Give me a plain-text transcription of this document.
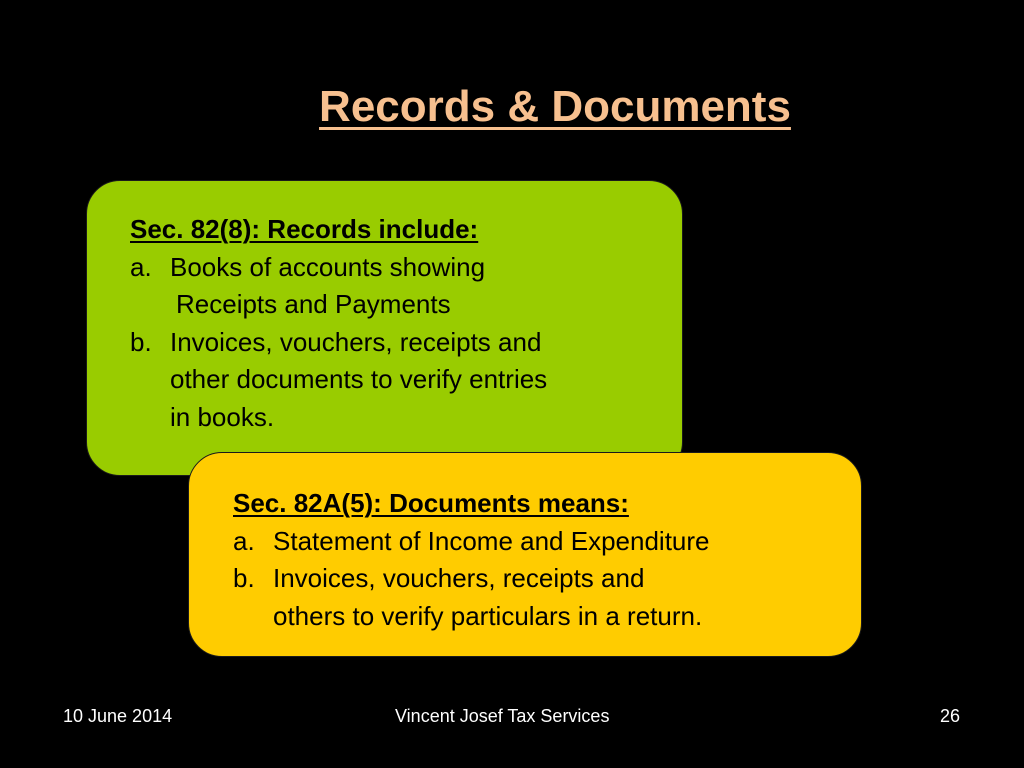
Records & Documents
Sec. 82(8): Records include:
a. Books of accounts showing
Receipts and Payments
b. Invoices, vouchers, receipts and
other documents to verify entries
in books.
Sec. 82A(5): Documents means:
a. Statement of Income and Expenditure
b. Invoices, vouchers, receipts and
others to verify particulars in a return.
10 June 2014	Vincent Josef Tax Services	26
